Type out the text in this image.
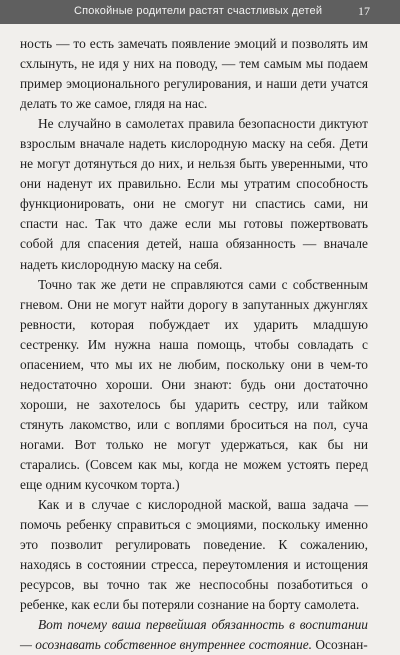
Спокойные родители растят счастливых детей	17

ность — то есть замечать появление эмоций и позволять им схлынуть, не идя у них на поводу, — тем самым мы подаем пример эмоционального регулирования, и наши дети учатся делать то же самое, глядя на нас.

Не случайно в самолетах правила безопасности диктуют взрослым вначале надеть кислородную маску на себя. Дети не могут дотянуться до них, и нельзя быть уверенными, что они наденут их правильно. Если мы утратим способность функционировать, они не смогут ни спастись сами, ни спасти нас. Так что даже если мы готовы пожертвовать собой для спасения детей, наша обязанность — вначале надеть кислородную маску на себя.

Точно так же дети не справляются сами с собственным гневом. Они не могут найти дорогу в запутанных джунглях ревности, которая побуждает их ударить младшую сестренку. Им нужна наша помощь, чтобы совладать с опасением, что мы их не любим, поскольку они в чем-то недостаточно хороши. Они знают: будь они достаточно хороши, не захотелось бы ударить сестру, или тайком стянуть лакомство, или с воплями броситься на пол, суча ногами. Вот только не могут удержаться, как бы ни старались. (Совсем как мы, когда не можем устоять перед еще одним кусочком торта.)

Как и в случае с кислородной маской, ваша задача — помочь ребенку справиться с эмоциями, поскольку именно это позволит регулировать поведение. К сожалению, находясь в состоянии стресса, переутомления и истощения ресурсов, вы точно так же неспособны позаботиться о ребенке, как если бы потеряли сознание на борту самолета.

Вот почему ваша первейшая обязанность в воспитании — осознавать собственное внутреннее состояние. Осознан-
